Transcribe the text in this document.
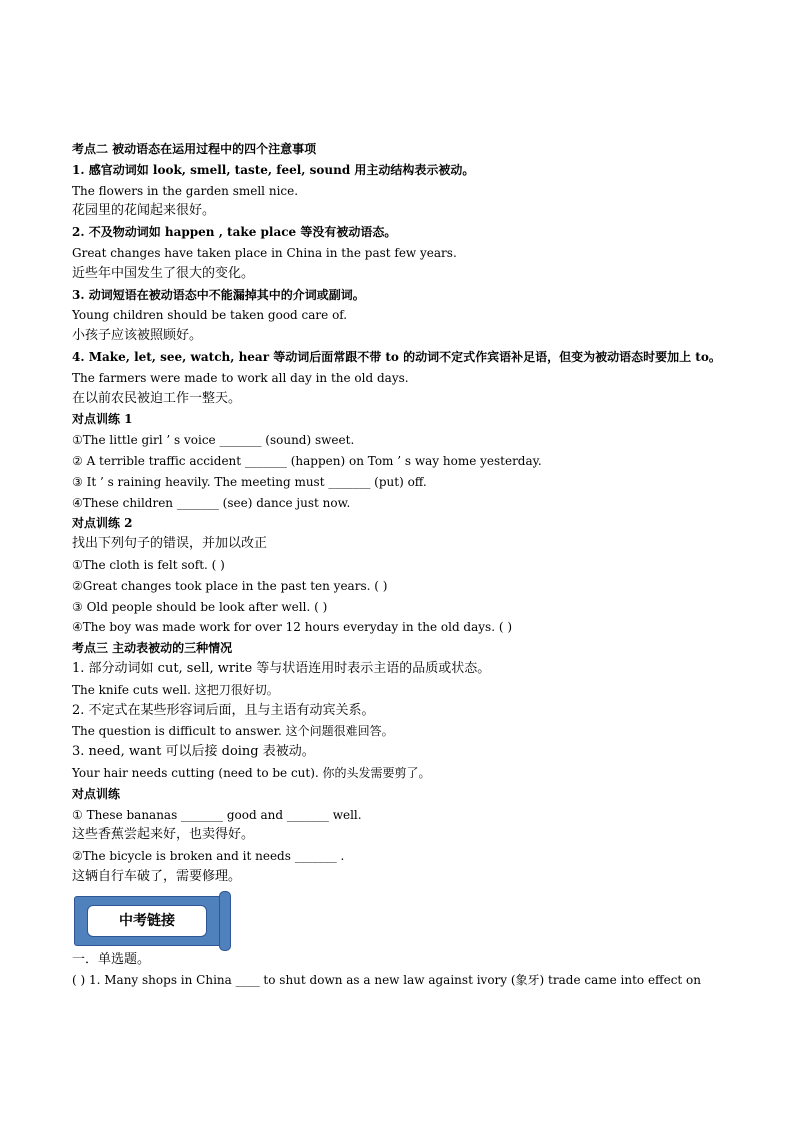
考点二 被动语态在运用过程中的四个注意事项
1. 感官动词如 look, smell, taste, feel, sound 用主动结构表示被动。
The flowers in the garden smell nice.
花园里的花闻起来很好。
2. 不及物动词如 happen , take place 等没有被动语态。
Great changes have taken place in China in the past few years.
近些年中国发生了很大的变化。
3. 动词短语在被动语态中不能漏掉其中的介词或副词。
Young children should be taken good care of.
小孩子应该被照顾好。
4. Make, let, see, watch, hear 等动词后面常跟不带 to 的动词不定式作宾语补足语，但变为被动语态时要加上 to。
The farmers were made to work all day in the old days.
在以前农民被迫工作一整天。
对点训练 1
①The little girl ’ s voice _______ (sound) sweet.
② A terrible traffic accident _______ (happen) on Tom ’ s way home yesterday.
③ It ’ s raining heavily. The meeting must _______ (put) off.
④These children _______ (see) dance just now.
对点训练 2
找出下列句子的错误，并加以改正
①The cloth is felt soft. ( )
②Great changes took place in the past ten years. ( )
③ Old people should be look after well. ( )
④The boy was made work for over 12 hours everyday in the old days. ( )
考点三 主动表被动的三种情况
1. 部分动词如 cut, sell, write 等与状语连用时表示主语的品质或状态。
The knife cuts well. 这把刀很好切。
2. 不定式在某些形容词后面，且与主语有动宾关系。
The question is difficult to answer. 这个问题很难回答。
3. need, want 可以后接 doing 表被动。
Your hair needs cutting (need to be cut). 你的头发需要剪了。
对点训练
① These bananas _______ good and _______ well.
这些香蕉尝起来好，也卖得好。
②The bicycle is broken and it needs _______ .
这辆自行车破了，需要修理。
中考链接
一．单选题。
( ) 1. Many shops in China ____ to shut down as a new law against ivory (象牙) trade came into effect on
